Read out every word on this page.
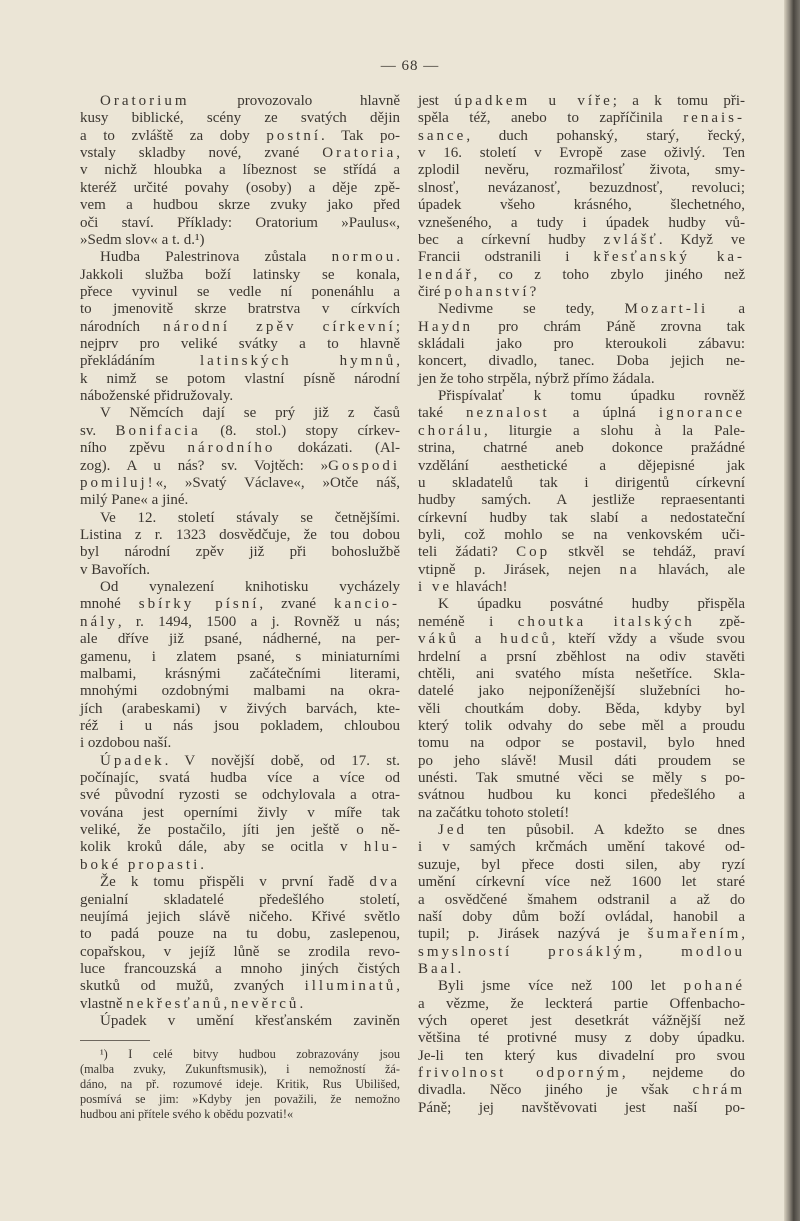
— 68 —
Oratorium provozovalo hlavně
kusy biblické, scény ze svatých dějin
a to zvláště za doby postní. Tak po-
vstaly skladby nové, zvané Oratoria,
v nichž hloubka a líbeznost se střídá a
kteréž určité povahy (osoby) a děje zpě-
vem a hudbou skrze zvuky jako před
oči staví. Příklady: Oratorium »Paulus«,
»Sedm slov« a t. d.¹)
Hudba Palestrinova zůstala normou.
Jakkoli služba boží latinsky se konala,
přece vyvinul se vedle ní ponenáhlu a
to jmenovitě skrze bratrstva v církvích
národních národní zpěv církevní;
nejprv pro veliké svátky a to hlavně
překládáním latinských hymnů,
k nimž se potom vlastní písně národní
náboženské přidružovaly.
V Němcích dají se prý již z časů
sv. Bonifacia (8. stol.) stopy církev-
ního zpěvu národního dokázati. (Al-
zog). A u nás? sv. Vojtěch: »Gospodi
pomiluj!«, »Svatý Václave«, »Otče náš,
milý Pane« a jiné.
Ve 12. století stávaly se četnějšími.
Listina z r. 1323 dosvědčuje, že tou dobou
byl národní zpěv již při bohoslužbě
v Bavořích.
Od vynalezení knihotisku vycházely
mnohé sbírky písní, zvané kancio-
nály, r. 1494, 1500 a j. Rovněž u nás;
ale dříve již psané, nádherné, na per-
gamenu, i zlatem psané, s miniaturními
malbami, krásnými začátečními literami,
mnohými ozdobnými malbami na okra-
jích (arabeskami) v živých barvách, kte-
réž i u nás jsou pokladem, chloubou
i ozdobou naší.
Úpadek. V novější době, od 17. st.
počínajíc, svatá hudba více a více od
své původní ryzosti se odchylovala a otra-
vována jest operními živly v míře tak
veliké, že postačilo, jíti jen ještě o ně-
kolik kroků dále, aby se ocitla v hlu-
boké propasti.
Že k tomu přispěli v první řadě dva
genialní skladatelé předešlého století,
neujímá jejich slávě ničeho. Křivé světlo
to padá pouze na tu dobu, zaslepenou,
copařskou, v jejíž lůně se zrodila revo-
luce francouzská a mnoho jiných čistých
skutků od mužů, zvaných illuminatů,
vlastně nekřesťanů, nevěrců.
Úpadek v umění křesťanském zaviněn
¹) I celé bitvy hudbou zobrazovány jsou
(malba zvuky, Zukunftsmusik), i nemožností žá-
dáno, na př. rozumové ideje. Kritik, Rus Ubilišed,
posmívá se jim: »Kdyby jen považili, že nemožno
hudbou ani přítele svého k obědu pozvati!«
jest úpadkem u víře; a k tomu při-
spěla též, anebo to zapříčinila renais-
sance, duch pohanský, starý, řecký,
v 16. století v Evropě zase oživlý. Ten
zplodil nevěru, rozmařilosť života, smy-
slnosť, nevázanosť, bezuzdnosť, revoluci;
úpadek všeho krásného, šlechetného,
vznešeného, a tudy i úpadek hudby vů-
bec a církevní hudby zvlášť. Když ve
Francii odstranili i křesťanský ka-
lendář, co z toho zbylo jiného než
čiré pohanství?
Nedivme se tedy, Mozart-li a
Haydn pro chrám Páně zrovna tak
skládali jako pro kteroukoli zábavu:
koncert, divadlo, tanec. Doba jejich ne-
jen že toho strpěla, nýbrž přímo žádala.
Přispívalať k tomu úpadku rovněž
také neznalost a úplná ignorance
chorálu, liturgie a slohu à la Pale-
strina, chatrné aneb dokonce pražádné
vzdělání aesthetické a dějepisné jak
u skladatelů tak i dirigentů církevní
hudby samých. A jestliže repraesentanti
církevní hudby tak slabí a nedostateční
byli, což mohlo se na venkovském uči-
teli žádati? Cop stkvěl se tehdáž, praví
vtipně p. Jirásek, nejen na hlavách, ale
i ve hlavách!
K úpadku posvátné hudby přispěla
neméně i choutka italských zpě-
váků a hudců, kteří vždy a všude svou
hrdelní a prsní zběhlost na odiv stavěti
chtěli, ani svatého místa nešetříce. Skla-
datelé jako nejponíženější služebníci ho-
věli choutkám doby. Běda, kdyby byl
který tolik odvahy do sebe měl a proudu
tomu na odpor se postavil, bylo hned
po jeho slávě! Musil dáti proudem se
unésti. Tak smutné věci se měly s po-
svátnou hudbou ku konci předešlého a
na začátku tohoto století!
Jed ten působil. A kdežto se dnes
i v samých krčmách umění takové od-
suzuje, byl přece dosti silen, aby ryzí
umění církevní více než 1600 let staré
a osvědčené šmahem odstranil a až do
naší doby dům boží ovládal, hanobil a
tupil; p. Jirásek nazývá je šumařením,
smyslností prosáklým, modlou
Baal.
Byli jsme více než 100 let pohané
a vězme, že leckterá partie Offenbacho-
vých operet jest desetkrát vážnější než
většina té protivné musy z doby úpadku.
Je-li ten který kus divadelní pro svou
frivolnost odporným, nejdeme do
divadla. Něco jiného je však chrám
Páně; jej navštěvovati jest naší po-
